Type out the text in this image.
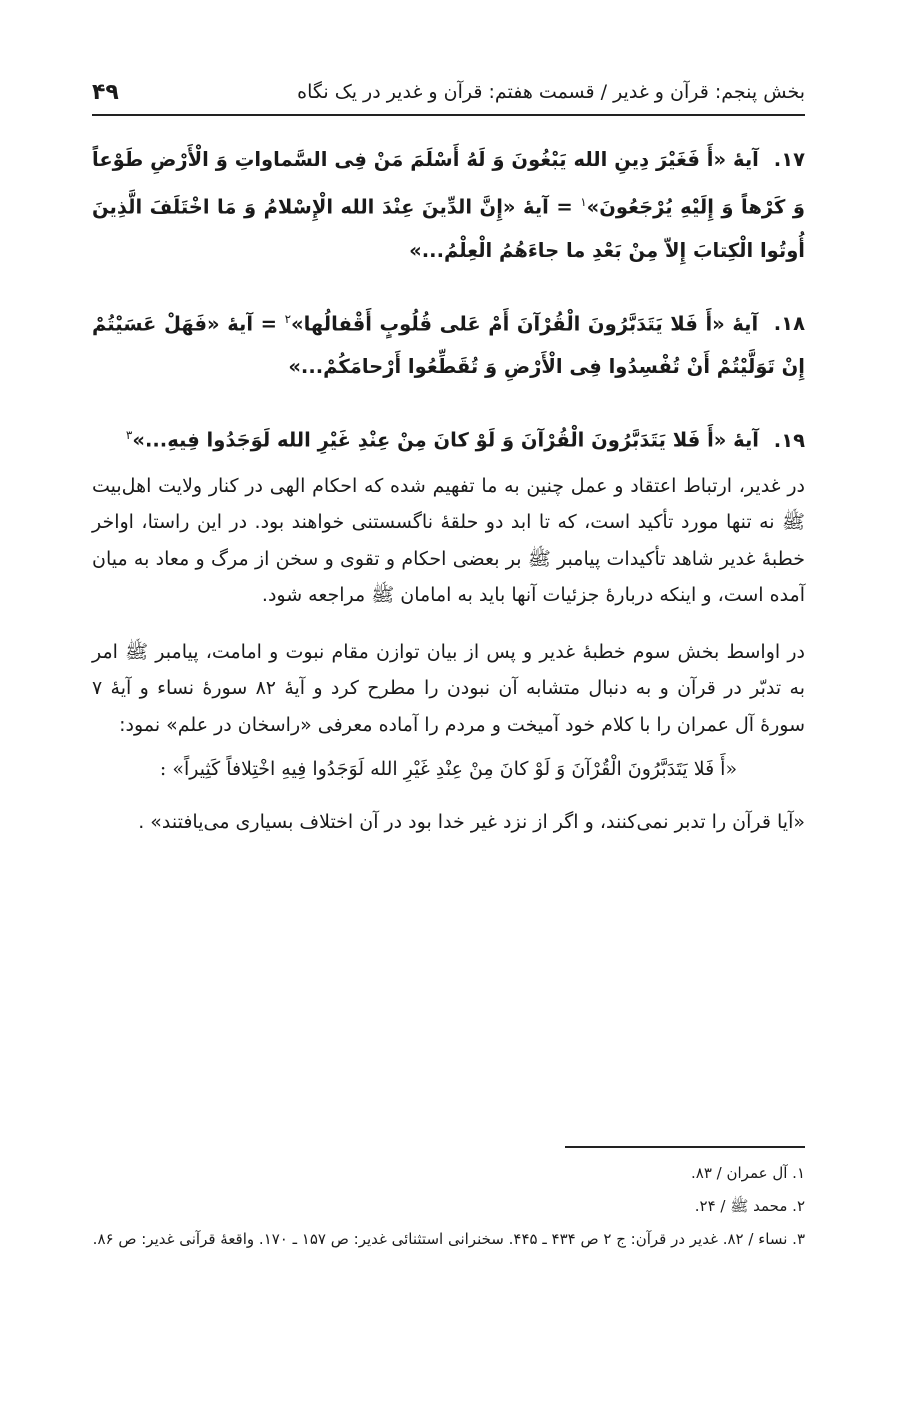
بخش پنجم: قرآن و غدیر / قسمت هفتم: قرآن و غدیر در یک نگاه
۴۹
۱۷. آیهٔ «أَ فَغَیْرَ دِینِ الله یَبْغُونَ وَ لَهُ أَسْلَمَ مَنْ فِی السَّماواتِ وَ الْأَرْضِ طَوْعاً وَ کَرْهاً وَ إِلَیْهِ یُرْجَعُونَ»$^۱$ = آیهٔ «إِنَّ الدِّینَ عِنْدَ الله الْإِسْلامُ وَ مَا اخْتَلَفَ الَّذِینَ أُوتُوا الْکِتابَ إِلاّ مِنْ بَعْدِ ما جاءَهُمُ الْعِلْمُ...»
۱۸. آیهٔ «أَ فَلا یَتَدَبَّرُونَ الْقُرْآنَ أَمْ عَلى قُلُوبٍ أَقْفالُها»$^۲$ = آیهٔ «فَهَلْ عَسَیْتُمْ إِنْ تَوَلَّیْتُمْ أَنْ تُفْسِدُوا فِی الْأَرْضِ وَ تُقَطِّعُوا أَرْحامَکُمْ...»
۱۹. آیهٔ «أَ فَلا یَتَدَبَّرُونَ الْقُرْآنَ وَ لَوْ کانَ مِنْ عِنْدِ غَیْرِ الله لَوَجَدُوا فِیهِ...»$^۳$

در غدیر، ارتباط اعتقاد و عمل چنین به ما تفهیم شده که احکام الهی در کنار ولایت اهل‌بیت ﷺ نه تنها مورد تأکید است، که تا ابد دو حلقهٔ ناگسستنی خواهند بود. در این راستا، اواخر خطبهٔ غدیر شاهد تأکیدات پیامبر ﷺ بر بعضی احکام و تقوی و سخن از مرگ و معاد به میان آمده است، و اینکه دربارهٔ جزئیات آنها باید به امامان ﷺ مراجعه شود.

در اواسط بخش سوم خطبهٔ غدیر و پس از بیان توازن مقام نبوت و امامت، پیامبر ﷺ امر به تدبّر در قرآن و به دنبال متشابه آن نبودن را مطرح کرد و آیهٔ ۸۲ سورهٔ نساء و آیهٔ ۷ سورهٔ آل عمران را با کلام خود آمیخت و مردم را آماده معرفی «راسخان در علم» نمود:

«أَ فَلا یَتَدَبَّرُونَ الْقُرْآنَ وَ لَوْ کانَ مِنْ عِنْدِ غَیْرِ الله لَوَجَدُوا فِیهِ اخْتِلافاً کَثِیراً» :

«آیا قرآن را تدبر نمی‌کنند، و اگر از نزد غیر خدا بود در آن اختلاف بسیاری می‌یافتند» .

۱. آل عمران / ۸۳.

۲. محمد ﷺ / ۲۴.

۳. نساء / ۸۲. غدیر در قرآن: ج ۲ ص ۴۳۴ ـ ۴۴۵. سخنرانی استثنائی غدیر: ص ۱۵۷ ـ ۱۷۰. واقعهٔ قرآنی غدیر: ص ۸۶.
